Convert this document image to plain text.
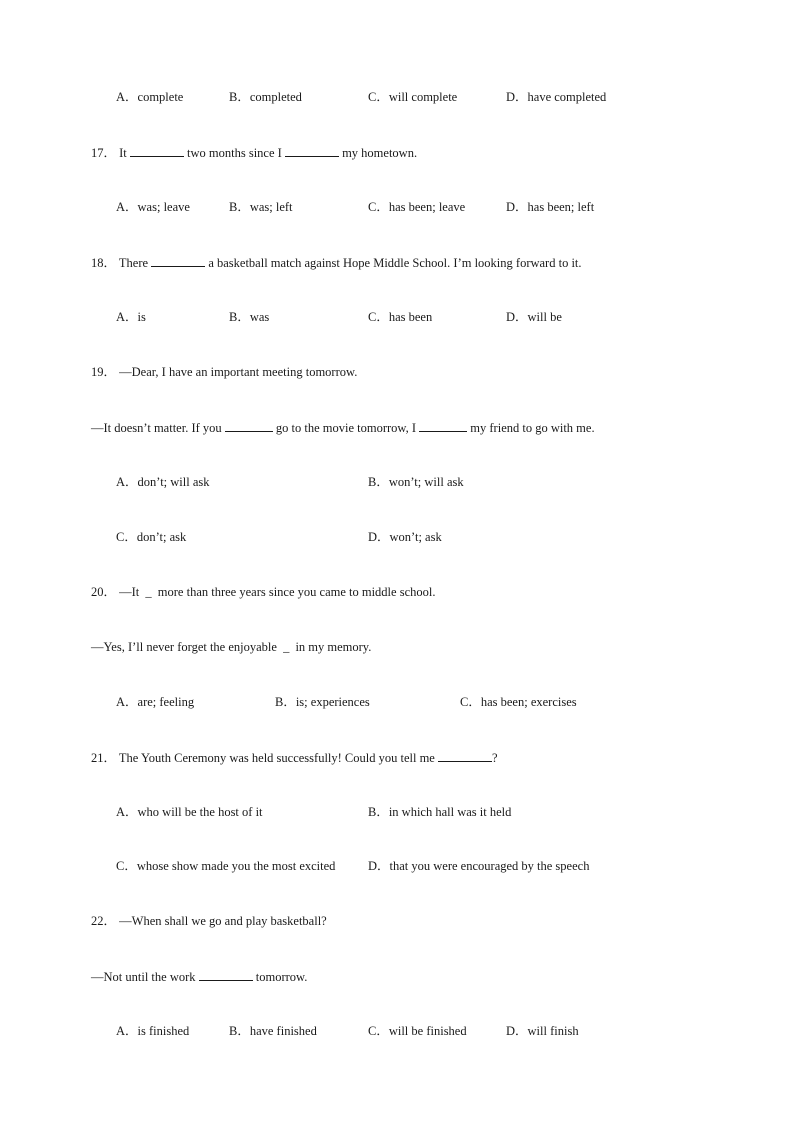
A．complete	B．completed	C．will complete	D．have completed
17． It	two months since I	my hometown.
A．was; leave	B．was; left	C．has been; leave	D．has been; left
18． There	a basketball match against Hope Middle School. I’m looking forward to it.
A．is	B．was	C．has been	D．will be
19． —Dear, I have an important meeting tomorrow.
—It doesn’t matter. If you	go to the movie tomorrow, I	my friend to go with me.
A．don’t; will ask	B．won’t; will ask
C．don’t; ask	D．won’t; ask
20． —It _ more than three years since you came to middle school.
—Yes, I’ll never forget the enjoyable _ in my memory.
A．are; feeling	B．is; experiences	C．has been; exercises
21． The Youth Ceremony was held successfully! Could you tell me	?
A．who will be the host of it	B．in which hall was it held
C．whose show made you the most excited	D．that you were encouraged by the speech
22． —When shall we go and play basketball?
—Not until the work	tomorrow.
A．is finished	B．have finished	C．will be finished	D．will finish
